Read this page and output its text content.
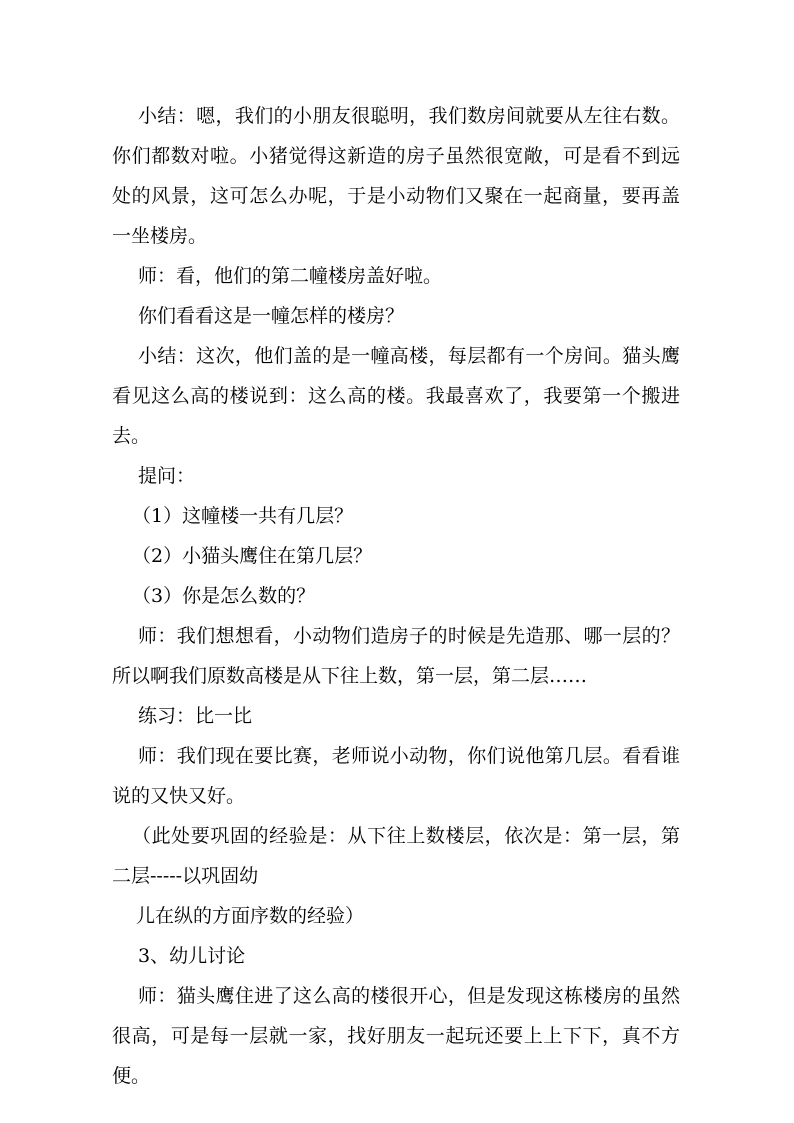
小结：嗯，我们的小朋友很聪明，我们数房间就要从左往右数。你们都数对啦。小猪觉得这新造的房子虽然很宽敞，可是看不到远处的风景，这可怎么办呢，于是小动物们又聚在一起商量，要再盖一坐楼房。

师：看，他们的第二幢楼房盖好啦。

你们看看这是一幢怎样的楼房？

小结：这次，他们盖的是一幢高楼，每层都有一个房间。猫头鹰看见这么高的楼说到：这么高的楼。我最喜欢了，我要第一个搬进去。

提问：

（1）这幢楼一共有几层？

（2）小猫头鹰住在第几层？

（3）你是怎么数的？

师：我们想想看，小动物们造房子的时候是先造那、哪一层的？所以啊我们原数高楼是从下往上数，第一层，第二层……

练习：比一比

师：我们现在要比赛，老师说小动物，你们说他第几层。看看谁说的又快又好。

（此处要巩固的经验是：从下往上数楼层，依次是：第一层，第二层-----以巩固幼

儿在纵的方面序数的经验）

3、幼儿讨论

师：猫头鹰住进了这么高的楼很开心，但是发现这栋楼房的虽然很高，可是每一层就一家，找好朋友一起玩还要上上下下，真不方便。
